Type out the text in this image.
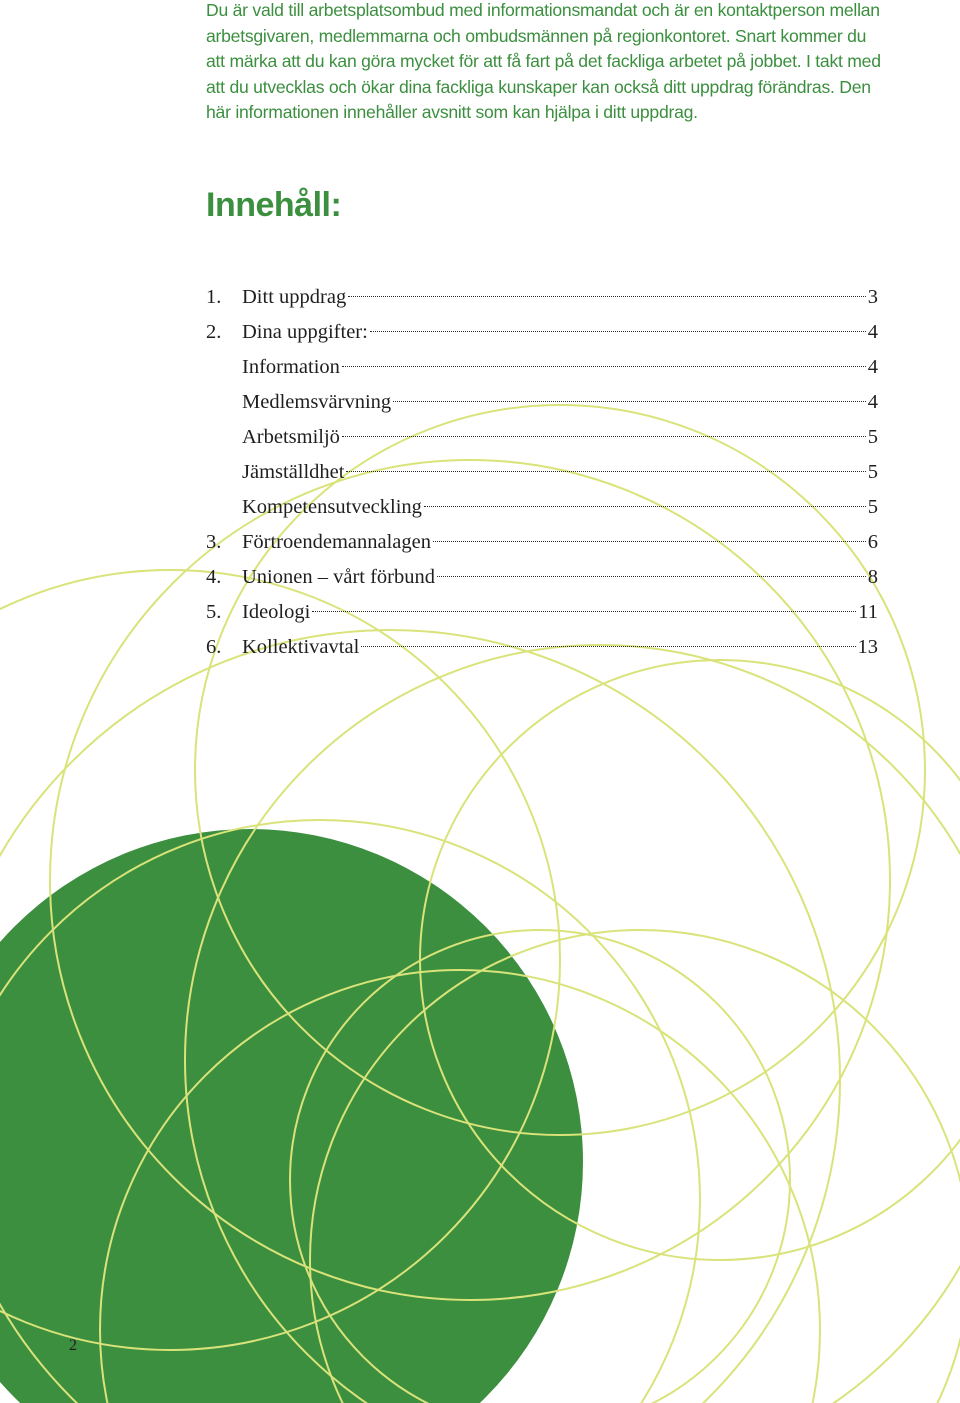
Du är vald till arbetsplatsombud med informationsmandat och är en kontaktperson mellan arbetsgivaren, medlemmarna och ombudsmännen på regionkontoret. Snart kommer du att märka att du kan göra mycket för att få fart på det fackliga arbetet på jobbet. I takt med att du utvecklas och ökar dina fackliga kunskaper kan också ditt uppdrag förändras. Den här informationen innehåller avsnitt som kan hjälpa i ditt uppdrag.

Innehåll:
1.	Ditt uppdrag	3
2.	Dina uppgifter:	4
Information	4
Medlemsvärvning	4
Arbetsmiljö	5
Jämställdhet	5
Kompetensutveckling	5
3.	Förtroendemannalagen	6
4.	Unionen – vårt förbund	8
5.	Ideologi	11
6.	Kollektivavtal	13
2
